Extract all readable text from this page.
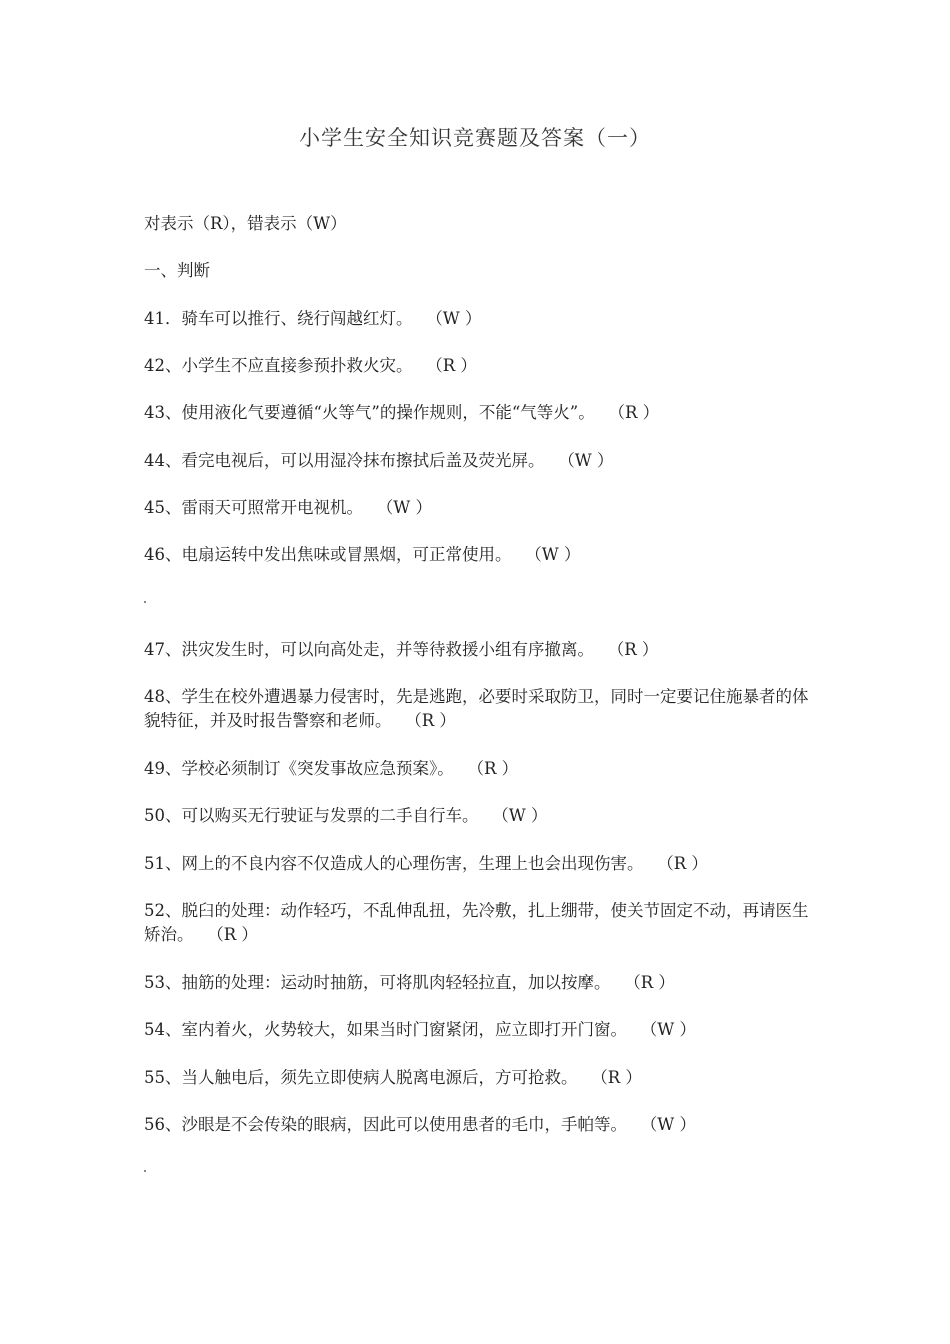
小学生安全知识竞赛题及答案（一）
对表示（R），错表示（W）
一、判断
41．骑车可以推行、绕行闯越红灯。 （W ）
42、小学生不应直接参预扑救火灾。 （R ）
43、使用液化气要遵循“火等气”的操作规则，不能“气等火”。 （R ）
44、看完电视后，可以用湿冷抹布擦拭后盖及荧光屏。 （W ）
45、雷雨天可照常开电视机。 （W ）
46、电扇运转中发出焦味或冒黑烟，可正常使用。 （W ）
47、洪灾发生时，可以向高处走，并等待救援小组有序撤离。 （R ）
48、学生在校外遭遇暴力侵害时，先是逃跑，必要时采取防卫，同时一定要记住施暴者的体貌特征，并及时报告警察和老师。 （R ）
49、学校必须制订《突发事故应急预案》。 （R ）
50、可以购买无行驶证与发票的二手自行车。 （W ）
51、网上的不良内容不仅造成人的心理伤害，生理上也会出现伤害。 （R ）
52、脱臼的处理：动作轻巧，不乱伸乱扭，先冷敷，扎上绷带，使关节固定不动，再请医生矫治。 （R ）
53、抽筋的处理：运动时抽筋，可将肌肉轻轻拉直，加以按摩。 （R ）
54、室内着火，火势较大，如果当时门窗紧闭，应立即打开门窗。 （W ）
55、当人触电后，须先立即使病人脱离电源后，方可抢救。 （R ）
56、沙眼是不会传染的眼病，因此可以使用患者的毛巾，手帕等。 （W ）
